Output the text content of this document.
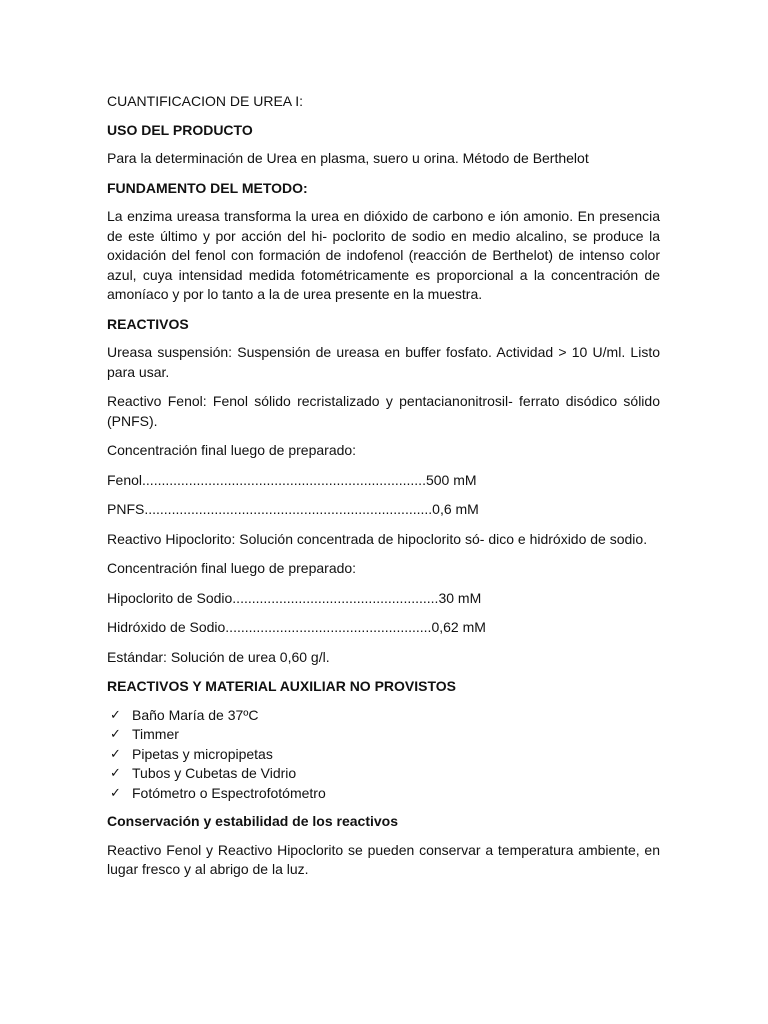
CUANTIFICACION DE UREA I:

USO DEL PRODUCTO

Para la determinación de Urea en plasma, suero u orina. Método de Berthelot

FUNDAMENTO DEL METODO:

La enzima ureasa transforma la urea en dióxido de carbono e ión amonio. En presencia de este último y por acción del hi- poclorito de sodio en medio alcalino, se produce la oxidación del fenol con formación de indofenol (reacción de Berthelot) de intenso color azul, cuya intensidad medida fotométricamente es proporcional a la concentración de amoníaco y por lo tanto a la de urea presente en la muestra.

REACTIVOS

Ureasa suspensión: Suspensión de ureasa en buffer fosfato. Actividad > 10 U/ml. Listo para usar.

Reactivo Fenol: Fenol sólido recristalizado y pentacianonitrosil- ferrato disódico sólido (PNFS).

Concentración final luego de preparado:

Fenol.........................................................................500 mM

PNFS..........................................................................0,6 mM

Reactivo Hipoclorito: Solución concentrada de hipoclorito só- dico e hidróxido de sodio.

Concentración final luego de preparado:

Hipoclorito de Sodio.....................................................30 mM

Hidróxido de Sodio.....................................................0,62 mM

Estándar: Solución de urea 0,60 g/l.

REACTIVOS Y MATERIAL AUXILIAR NO PROVISTOS

✓ Baño María de 37ºC
✓ Timmer
✓ Pipetas y micropipetas
✓ Tubos y Cubetas de Vidrio
✓ Fotómetro o Espectrofotómetro

Conservación y estabilidad de los reactivos

Reactivo Fenol y Reactivo Hipoclorito se pueden conservar a temperatura ambiente, en lugar fresco y al abrigo de la luz.
